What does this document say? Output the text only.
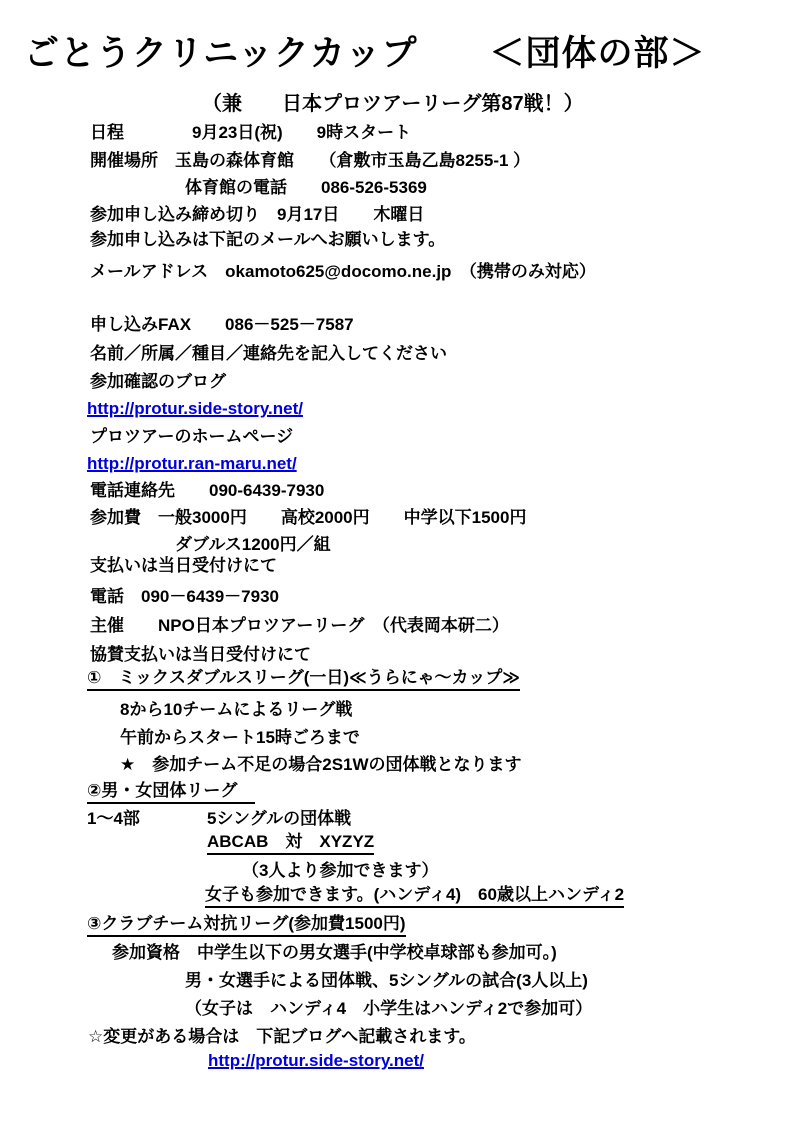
ごとうクリニックカップ　　＜団体の部＞
（兼　　日本プロツアーリーグ第87戦！）
日程　　　　9月23日(祝)　　9時スタート
開催場所　玉島の森体育館　　（倉敷市玉島乙島8255-1 ）
体育館の電話　　086-526-5369
参加申し込み締め切り　9月17日　　木曜日
参加申し込みは下記のメールへお願いします。
メールアドレス　okamoto625@docomo.ne.jp　（携帯のみ対応）
申し込みFAX　　086－525－7587
名前／所属／種目／連絡先を記入してください
参加確認のブログ
http://protur.side-story.net/
プロツアーのホームページ
http://protur.ran-maru.net/
電話連絡先　　090-6439-7930
参加費　一般3000円　　高校2000円　　中学以下1500円
ダブルス1200円／組
支払いは当日受付けにて
電話　090－6439－7930
主催　　NPO日本プロツアーリーグ　（代表岡本研二）
協賛支払いは当日受付けにて
①　ミックスダブルスリーグ(一日)≪うらにゃ～カップ≫
8から10チームによるリーグ戦
午前からスタート15時ごろまで
★　参加チーム不足の場合2S1Wの団体戦となります
②男・女団体リーグ
1～4部	5シングルの団体戦
ABCAB　対　XYZYZ
（3人より参加できます）
女子も参加できます。(ハンディ4)　60歳以上ハンディ2
③クラブチーム対抗リーグ(参加費1500円)
参加資格　中学生以下の男女選手(中学校卓球部も参加可。)
男・女選手による団体戦、5シングルの試合(3人以上)
（女子は　ハンディ4　小学生はハンディ2で参加可）
☆変更がある場合は　下記ブログへ記載されます。
http://protur.side-story.net/
